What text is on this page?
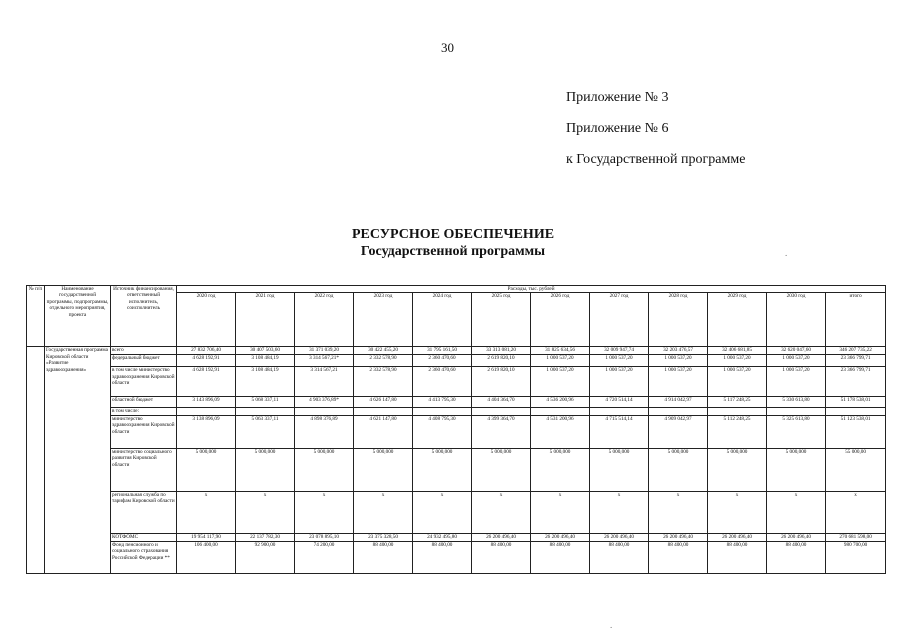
30
Приложение № 3
Приложение № 6
к Государственной программе
РЕСУРСНОЕ ОБЕСПЕЧЕНИЕ
Государственной программы
№ п/п	Наименование государственной программы, подпрограммы, отдельного мероприятия, проекта	Источник финансирования, ответственный исполнитель, соисполнитель	Расходы, тыс. рублей											
			2020 год	2021 год	2022 год	2023 год	2024 год	2025 год	2026 год	2027 год	2028 год	2029 год	2030 год	итого
	Государственная программа Кировской области «Развитие здравоохранения»	всего	27 832 706,40	30 407 503,60	31 371 039,20	30 422 455,20	31 795 161,50	33 313 081,20	31 825 634,56	32 009 947,74	32 203 476,57	32 406 681,85	32 620 047,60	346 207 735,22
		федеральный бюджет	4 628 192,91	3 108 484,19	3 314 567,21*	2 332 578,90	2 360 470,60	2 619 820,10	1 000 537,20	1 000 537,20	1 000 537,20	1 000 537,20	1 000 537,20	23 366 799,71
		в том числе министерство здравоохранения Кировской области	4 628 192,91	3 108 484,19	3 314 567,21	2 332 578,90	2 360 470,60	2 619 820,10	1 000 537,20	1 000 537,20	1 000 537,20	1 000 537,20	1 000 537,20	23 366 799,71
		областной бюджет	3 143 896,09	5 068 337,11	4 903 376,89*	4 626 147,80	4 413 795,30	4 404 364,70	4 536 200,96	4 720 514,14	4 914 042,97	5 117 248,25	5 330 613,80	51 178 538,01
		в том числе:												
		министерство здравоохранения Кировской области	3 138 896,09	5 063 337,11	4 898 376,89	4 621 147,80	4 408 795,30	4 399 364,70	4 531 200,96	4 715 514,14	4 909 042,97	5 112 248,25	5 325 613,80	51 123 538,01
		министерство социального развития Кировской области	5 000,000	5 000,000	5 000,000	5 000,000	5 000,000	5 000,000	5 000,000	5 000,000	5 000,000	5 000,000	5 000,000	55 000,00
		региональная служба по тарифам Кировской области	х	х	х	х	х	х	х	х	х	х	х	х
		КОТФОМС	19 954 117,90	22 137 782,30	23 078 895,10	23 375 328,50	24 932 495,80	26 200 496,40	26 200 496,40	26 200 496,40	26 200 496,40	26 200 496,40	26 200 496,40	270 681 598,00
		Фонд пенсионного и социального страхования Российской Федерации **	106 400,00	92 900,00	74 200,00	88 400,00	88 400,00	88 400,00	88 400,00	88 400,00	88 400,00	88 400,00	88 400,00	980 700,00
.
.
